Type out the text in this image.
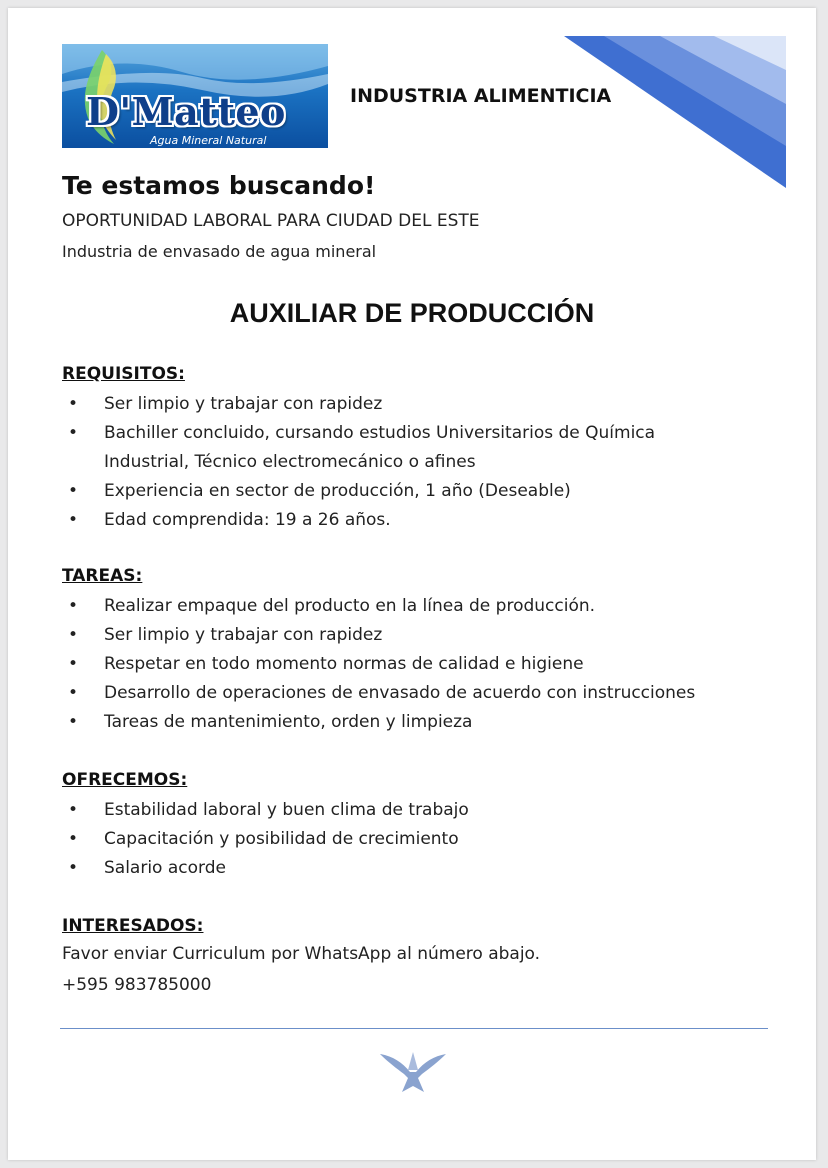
D'Matteo
Agua Mineral Natural
INDUSTRIA ALIMENTICIA
Te estamos buscando!
OPORTUNIDAD LABORAL PARA CIUDAD DEL ESTE
Industria de envasado de agua mineral
AUXILIAR DE PRODUCCIÓN
REQUISITOS:
• Ser limpio y trabajar con rapidez
• Bachiller concluido, cursando estudios Universitarios de Química
Industrial, Técnico electromecánico o afines
• Experiencia en sector de producción, 1 año (Deseable)
• Edad comprendida: 19 a 26 años.
TAREAS:
• Realizar empaque del producto en la línea de producción.
• Ser limpio y trabajar con rapidez
• Respetar en todo momento normas de calidad e higiene
• Desarrollo de operaciones de envasado de acuerdo con instrucciones
• Tareas de mantenimiento, orden y limpieza
OFRECEMOS:
• Estabilidad laboral y buen clima de trabajo
• Capacitación y posibilidad de crecimiento
• Salario acorde
INTERESADOS:
Favor enviar Curriculum por WhatsApp al número abajo.
+595 983785000
